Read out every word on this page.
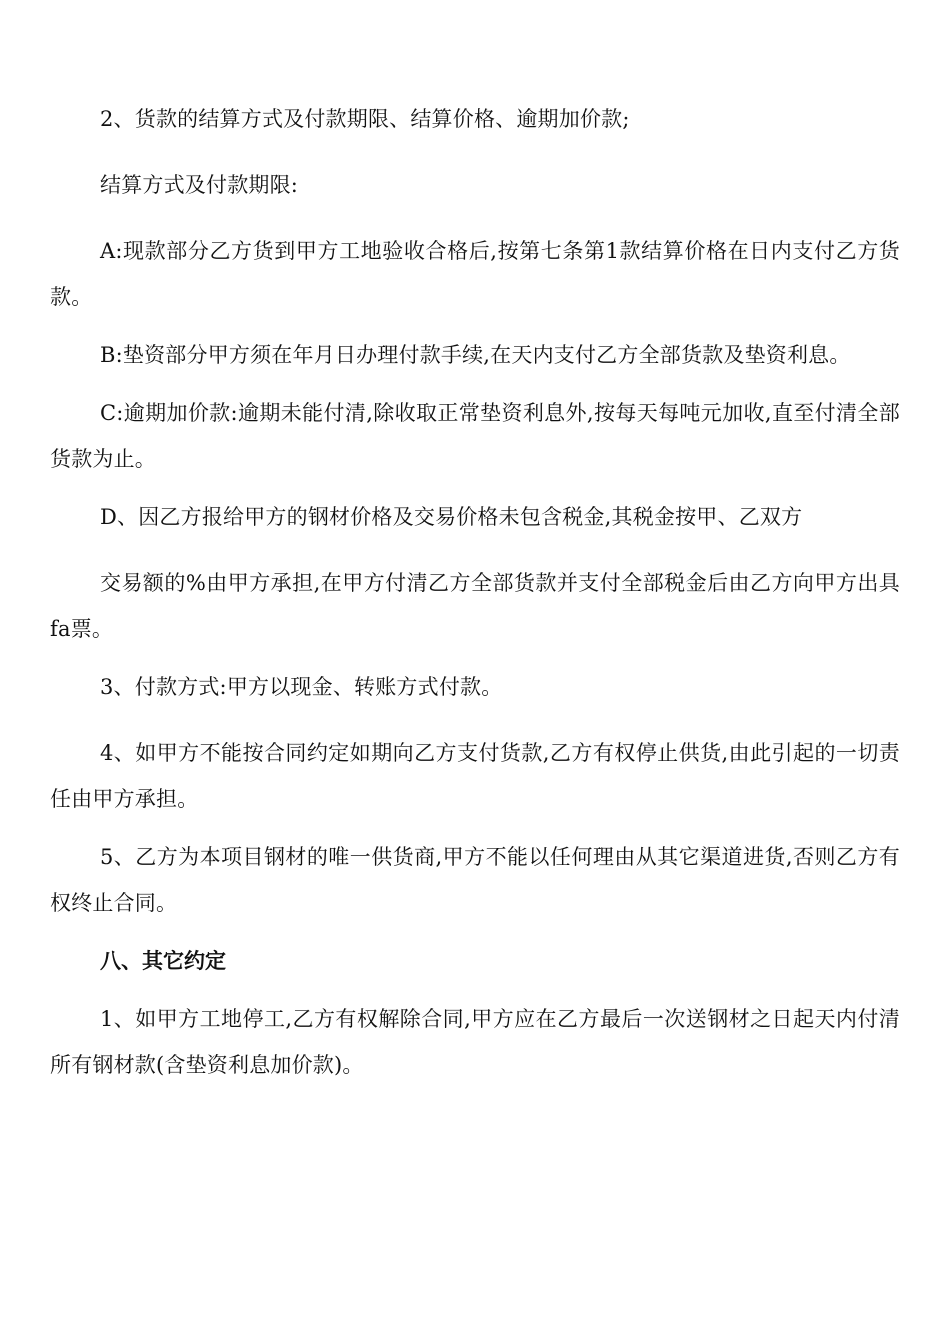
2、货款的结算方式及付款期限、结算价格、逾期加价款;

结算方式及付款期限:

A:现款部分乙方货到甲方工地验收合格后,按第七条第1款结算价格在日内支付乙方货款。

B:垫资部分甲方须在年月日办理付款手续,在天内支付乙方全部货款及垫资利息。

C:逾期加价款:逾期未能付清,除收取正常垫资利息外,按每天每吨元加收,直至付清全部货款为止。

D、因乙方报给甲方的钢材价格及交易价格未包含税金,其税金按甲、乙双方

交易额的%由甲方承担,在甲方付清乙方全部货款并支付全部税金后由乙方向甲方出具fa票。

3、付款方式:甲方以现金、转账方式付款。

4、如甲方不能按合同约定如期向乙方支付货款,乙方有权停止供货,由此引起的一切责任由甲方承担。

5、乙方为本项目钢材的唯一供货商,甲方不能以任何理由从其它渠道进货,否则乙方有权终止合同。

八、其它约定

1、如甲方工地停工,乙方有权解除合同,甲方应在乙方最后一次送钢材之日起天内付清所有钢材款(含垫资利息加价款)。
